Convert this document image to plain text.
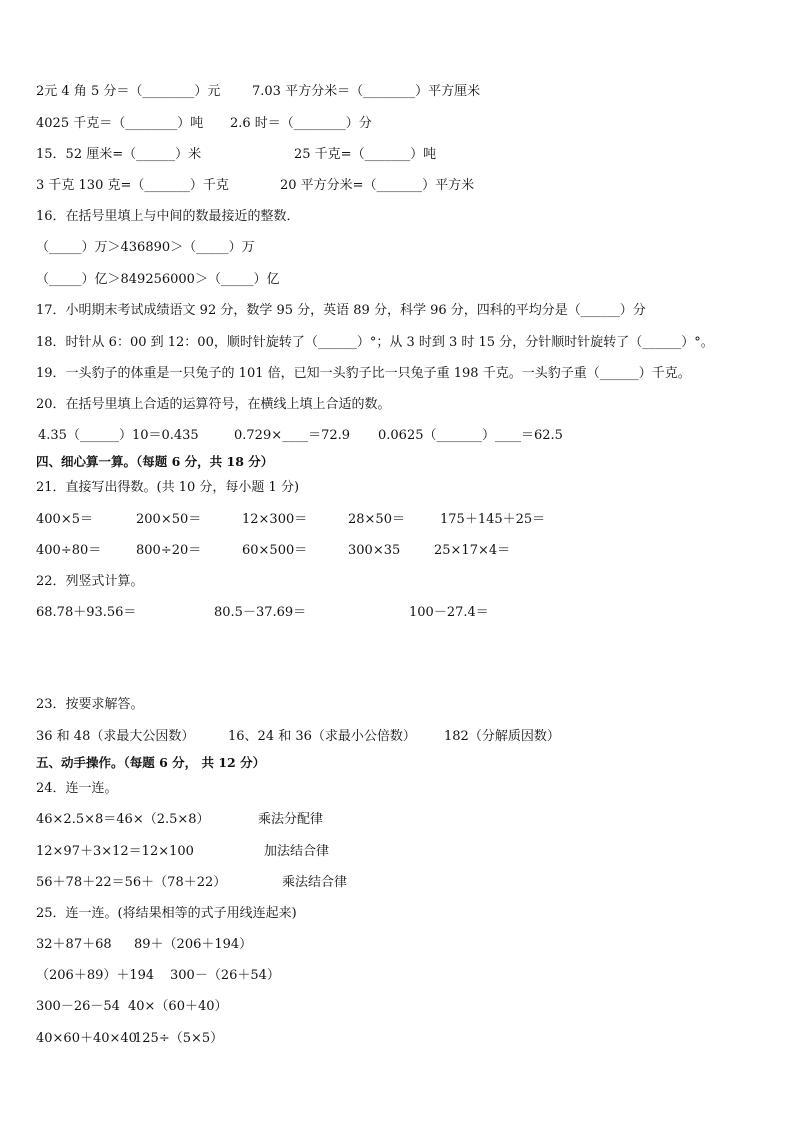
2元 4 角 5 分＝（________）元

7.03 平方分米＝（________）平方厘米

4025 千克＝（________）吨

2.6 时＝（________）分

15．52 厘米=（______）米

	25 千克=（_______）吨

3 千克 130 克=（_______）千克

	20 平方分米=（_______）平方米

16．在括号里填上与中间的数最接近的整数．

（_____）万＞436890＞（_____）万

（_____）亿＞849256000＞（_____）亿

17．小明期末考试成绩语文 92 分，数学 95 分，英语 89 分，科学 96 分，四科的平均分是（______）分

18．时针从 6：00 到 12：00，顺时针旋转了（______）°；从 3 时到 3 时 15 分，分针顺时针旋转了（______）°。

19．一头豹子的体重是一只兔子的 101 倍，已知一头豹子比一只兔子重 198 千克。一头豹子重（______）千克。

20．在括号里填上合适的运算符号，在横线上填上合适的数。

4.35（______）10＝0.435

	0.729×____＝72.9

0.0625（_______）____＝62.5

四、细心算一算。（每题 6 分，共 18 分）

21．直接写出得数。(共 10 分，每小题 1 分)

400×5＝

	200×50＝

	12×300＝

	28×50＝

	175＋145＋25＝

400÷80＝

	800÷20＝

	60×500＝

	300×35

	25×17×4＝

22．列竖式计算。

68.78＋93.56＝

	80.5－37.69＝

	100－27.4＝

23．按要求解答。

36 和 48（求最大公因数）

	16、24 和 36（求最小公倍数）

182（分解质因数）

五、动手操作。（每题 6 分， 共 12 分）

24．连一连。

46×2.5×8＝46×（2.5×8）

	乘法分配律

12×97＋3×12＝12×100

	加法结合律

56＋78＋22＝56＋（78＋22）

	乘法结合律

25．连一连。(将结果相等的式子用线连起来)

32＋87＋68

89＋（206＋194）

（206＋89）＋194

300－（26＋54）

300－26－54

40×（60＋40）

40×60＋40×40

125÷（5×5）
